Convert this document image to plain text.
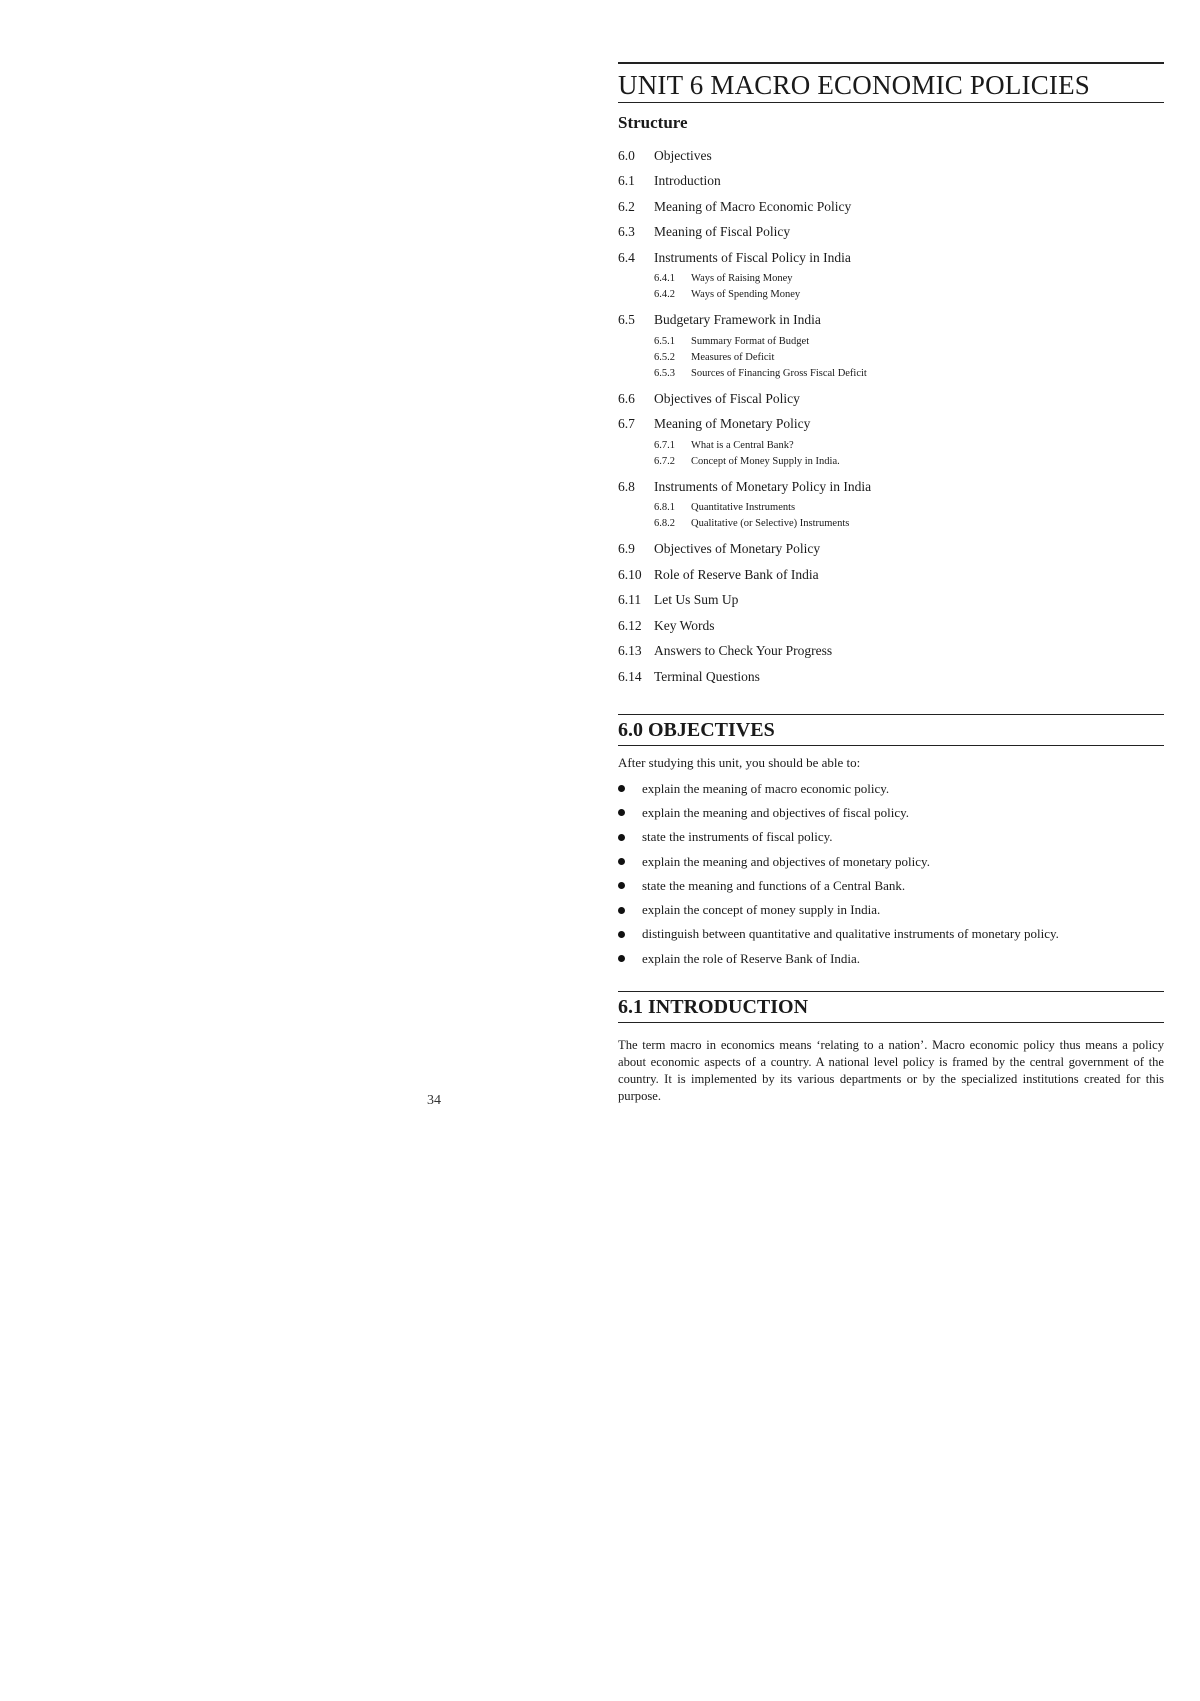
34
UNIT 6 MACRO ECONOMIC POLICIES
Structure
6.0	Objectives
6.1	Introduction
6.2	Meaning of Macro Economic Policy
6.3	Meaning of Fiscal Policy
6.4	Instruments of Fiscal Policy in India
6.4.1	Ways of Raising Money
6.4.2	Ways of Spending Money
6.5	Budgetary Framework in India
6.5.1	Summary Format of Budget
6.5.2	Measures of Deficit
6.5.3	Sources of Financing Gross Fiscal Deficit
6.6	Objectives of Fiscal Policy
6.7	Meaning of Monetary Policy
6.7.1	What is a Central Bank?
6.7.2	Concept of Money Supply in India.
6.8	Instruments of Monetary Policy in India
6.8.1	Quantitative Instruments
6.8.2	Qualitative (or Selective) Instruments
6.9	Objectives of Monetary Policy
6.10 Role of Reserve Bank of India
6.11 Let Us Sum Up
6.12 Key Words
6.13 Answers to Check Your Progress
6.14 Terminal Questions
6.0 OBJECTIVES

After studying this unit, you should be able to:

explain the meaning of macro economic policy.
explain the meaning and objectives of fiscal policy.
state the instruments of fiscal policy.
explain the meaning and objectives of monetary policy.
state the meaning and functions of a Central Bank.
explain the concept of money supply in India.
distinguish between quantitative and qualitative instruments of monetary policy.
explain the role of Reserve Bank of India.
6.1 INTRODUCTION

The term macro in economics means ‘relating to a nation’. Macro economic policy thus means a policy about economic aspects of a country. A national level policy is framed by the central government of the country. It is implemented by its various departments or by the specialized institutions created for this purpose.
